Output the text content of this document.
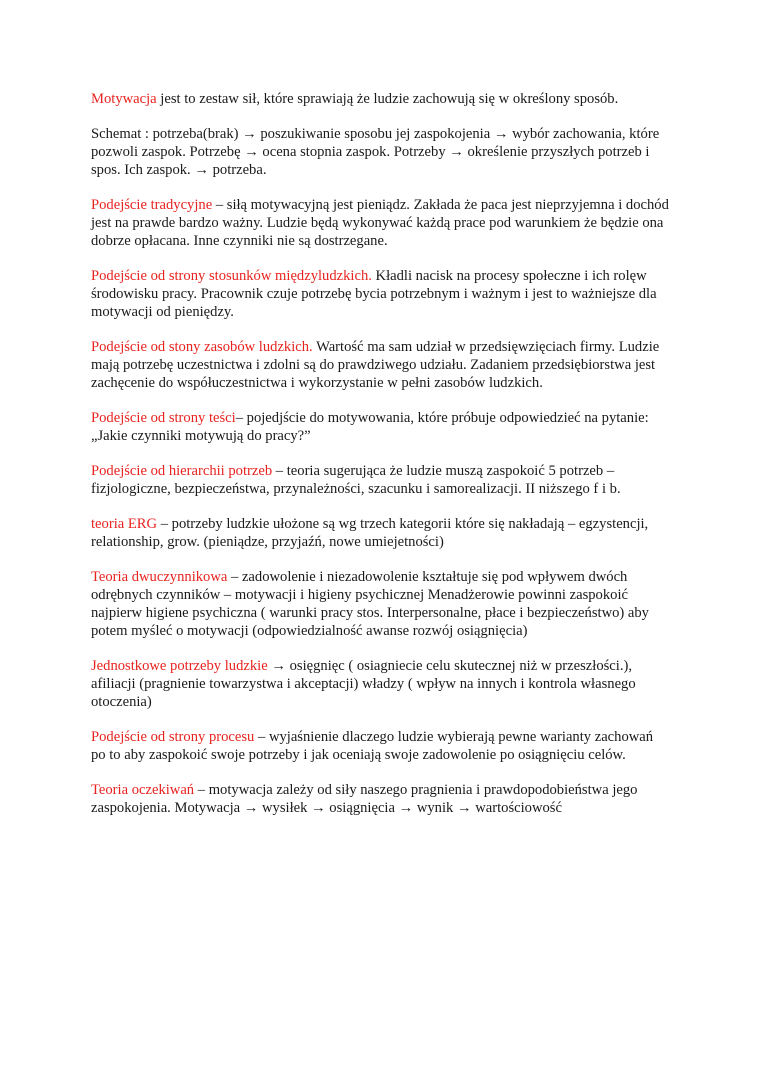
Motywacja jest to zestaw sił, które sprawiają że ludzie zachowują się w określony sposób.

Schemat : potrzeba(brak) → poszukiwanie sposobu jej zaspokojenia → wybór zachowania, które pozwoli zaspok. Potrzebę → ocena stopnia zaspok. Potrzeby → określenie przyszłych potrzeb i spos. Ich zaspok. → potrzeba.

Podejście tradycyjne – siłą motywacyjną jest pieniądz. Zakłada że paca jest nieprzyjemna i dochód jest na prawde bardzo ważny. Ludzie będą wykonywać każdą prace pod warunkiem że będzie ona dobrze opłacana. Inne czynniki nie są dostrzegane.

Podejście od strony stosunków międzyludzkich. Kładli nacisk na procesy społeczne i ich rolęw środowisku pracy. Pracownik czuje potrzebę bycia potrzebnym i ważnym i jest to ważniejsze dla motywacji od pieniędzy.

Podejście od stony zasobów ludzkich. Wartość ma sam udział w przedsięwzięciach firmy. Ludzie mają potrzebę uczestnictwa i zdolni są do prawdziwego udziału. Zadaniem przedsiębiorstwa jest zachęcenie do współuczestnictwa i wykorzystanie w pełni zasobów ludzkich.

Podejście od strony teści– pojedjście do motywowania, które próbuje odpowiedzieć na pytanie: „Jakie czynniki motywują do pracy?”

Podejście od hierarchii potrzeb – teoria sugerująca że ludzie muszą zaspokoić 5 potrzeb – fizjologiczne, bezpieczeństwa, przynależności, szacunku i samorealizacji. II niższego f i b.

teoria ERG – potrzeby ludzkie ułożone są wg trzech kategorii które się nakładają – egzystencji, relationship, grow. (pieniądze, przyjaźń, nowe umiejetności)

Teoria dwuczynnikowa – zadowolenie i niezadowolenie kształtuje się pod wpływem dwóch odrębnych czynników – motywacji i higieny psychicznej Menadżerowie powinni zaspokoić najpierw higiene psychiczna ( warunki pracy stos. Interpersonalne, płace i bezpieczeństwo) aby potem myśleć o motywacji (odpowiedzialność awanse rozwój osiągnięcia)

Jednostkowe potrzeby ludzkie → osięgnięc ( osiagniecie celu skutecznej niż w przeszłości.), afiliacji (pragnienie towarzystwa i akceptacji) władzy ( wpływ na innych i kontrola własnego otoczenia)

Podejście od strony procesu – wyjaśnienie dlaczego ludzie wybierają pewne warianty zachowań po to aby zaspokoić swoje potrzeby i jak oceniają swoje zadowolenie po osiągnięciu celów.

Teoria oczekiwań – motywacja zależy od siły naszego pragnienia i prawdopodobieństwa jego zaspokojenia. Motywacja → wysiłek → osiągnięcia → wynik → wartościowość
